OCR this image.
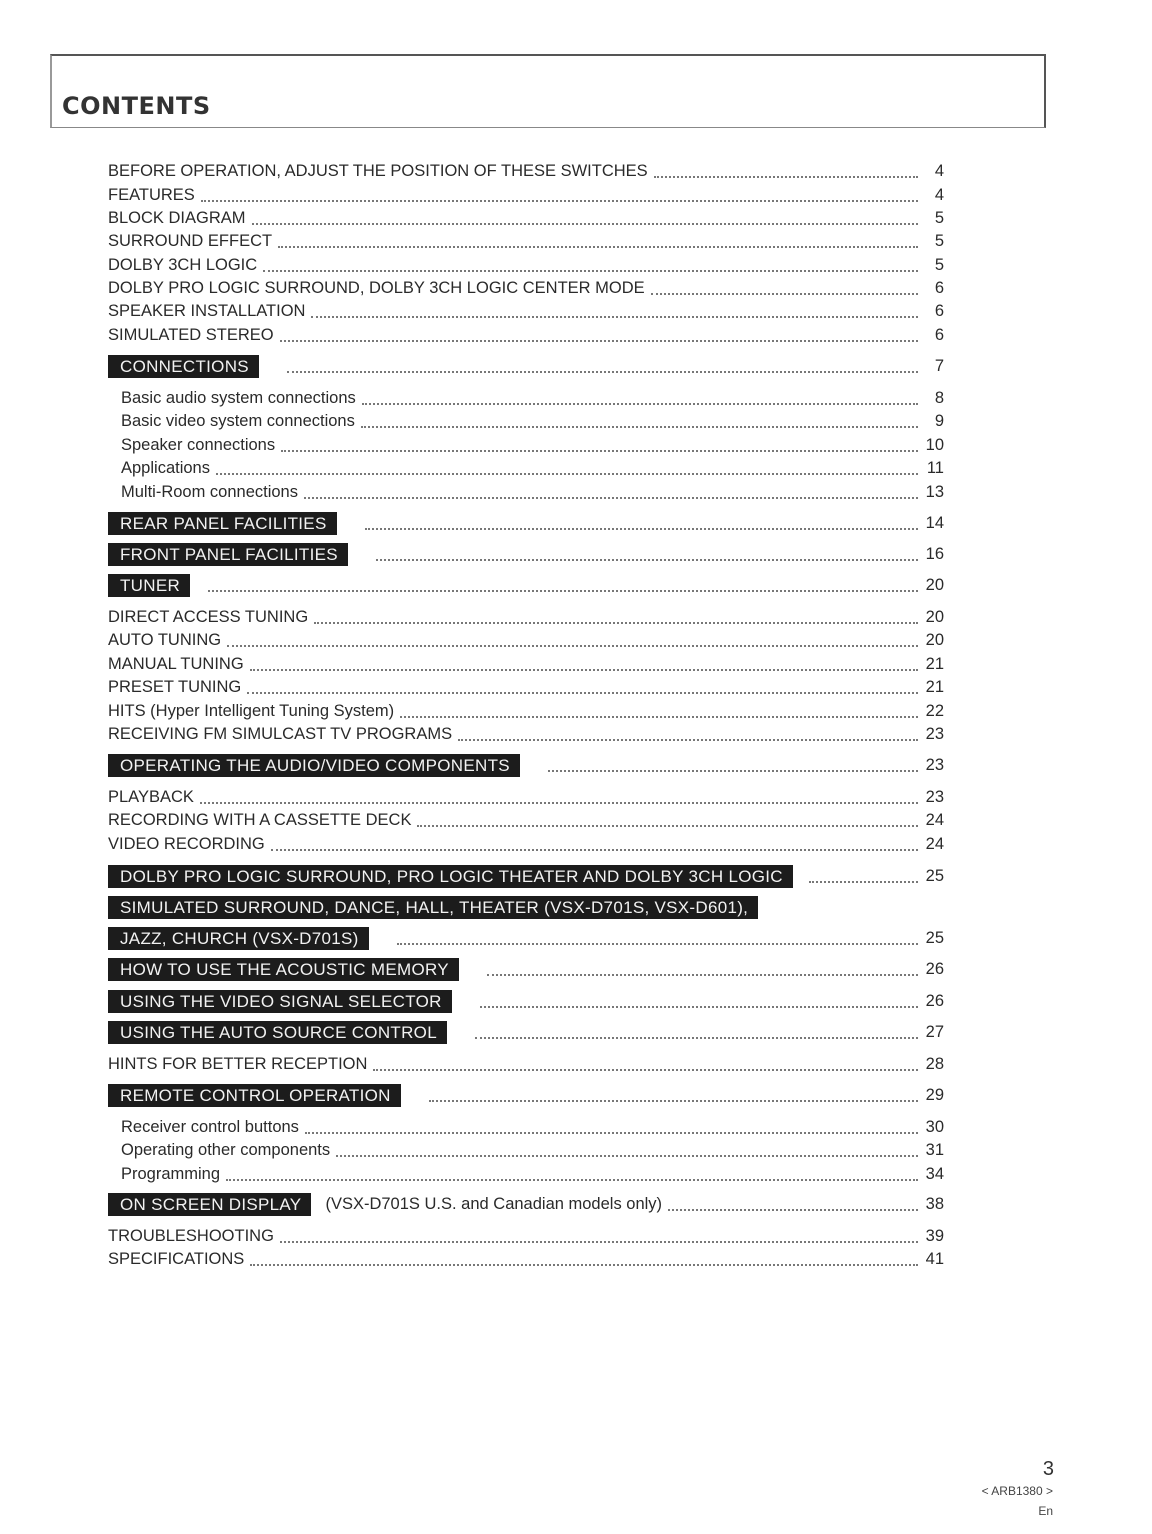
CONTENTS
BEFORE OPERATION, ADJUST THE POSITION OF THESE SWITCHES	4
FEATURES	4
BLOCK DIAGRAM	5
SURROUND EFFECT	5
DOLBY 3CH LOGIC	5
DOLBY PRO LOGIC SURROUND, DOLBY 3CH LOGIC CENTER MODE	6
SPEAKER INSTALLATION	6
SIMULATED STEREO	6
CONNECTIONS	7
Basic audio system connections	8
Basic video system connections	9
Speaker connections	10
Applications	11
Multi-Room connections	13
REAR PANEL FACILITIES	14
FRONT PANEL FACILITIES	16
TUNER	20
DIRECT ACCESS TUNING	20
AUTO TUNING	20
MANUAL TUNING	21
PRESET TUNING	21
HITS (Hyper Intelligent Tuning System)	22
RECEIVING FM SIMULCAST TV PROGRAMS	23
OPERATING THE AUDIO/VIDEO COMPONENTS	23
PLAYBACK	23
RECORDING WITH A CASSETTE DECK	24
VIDEO RECORDING	24
DOLBY PRO LOGIC SURROUND, PRO LOGIC THEATER AND DOLBY 3CH LOGIC	25
SIMULATED SURROUND, DANCE, HALL, THEATER (VSX-D701S, VSX-D601),
JAZZ, CHURCH (VSX-D701S)	25
HOW TO USE THE ACOUSTIC MEMORY	26
USING THE VIDEO SIGNAL SELECTOR	26
USING THE AUTO SOURCE CONTROL	27
HINTS FOR BETTER RECEPTION	28
REMOTE CONTROL OPERATION	29
Receiver control buttons	30
Operating other components	31
Programming	34
ON SCREEN DISPLAY	(VSX-D701S U.S. and Canadian models only)	38
TROUBLESHOOTING	39
SPECIFICATIONS	41
3
< ARB1380 >
En
